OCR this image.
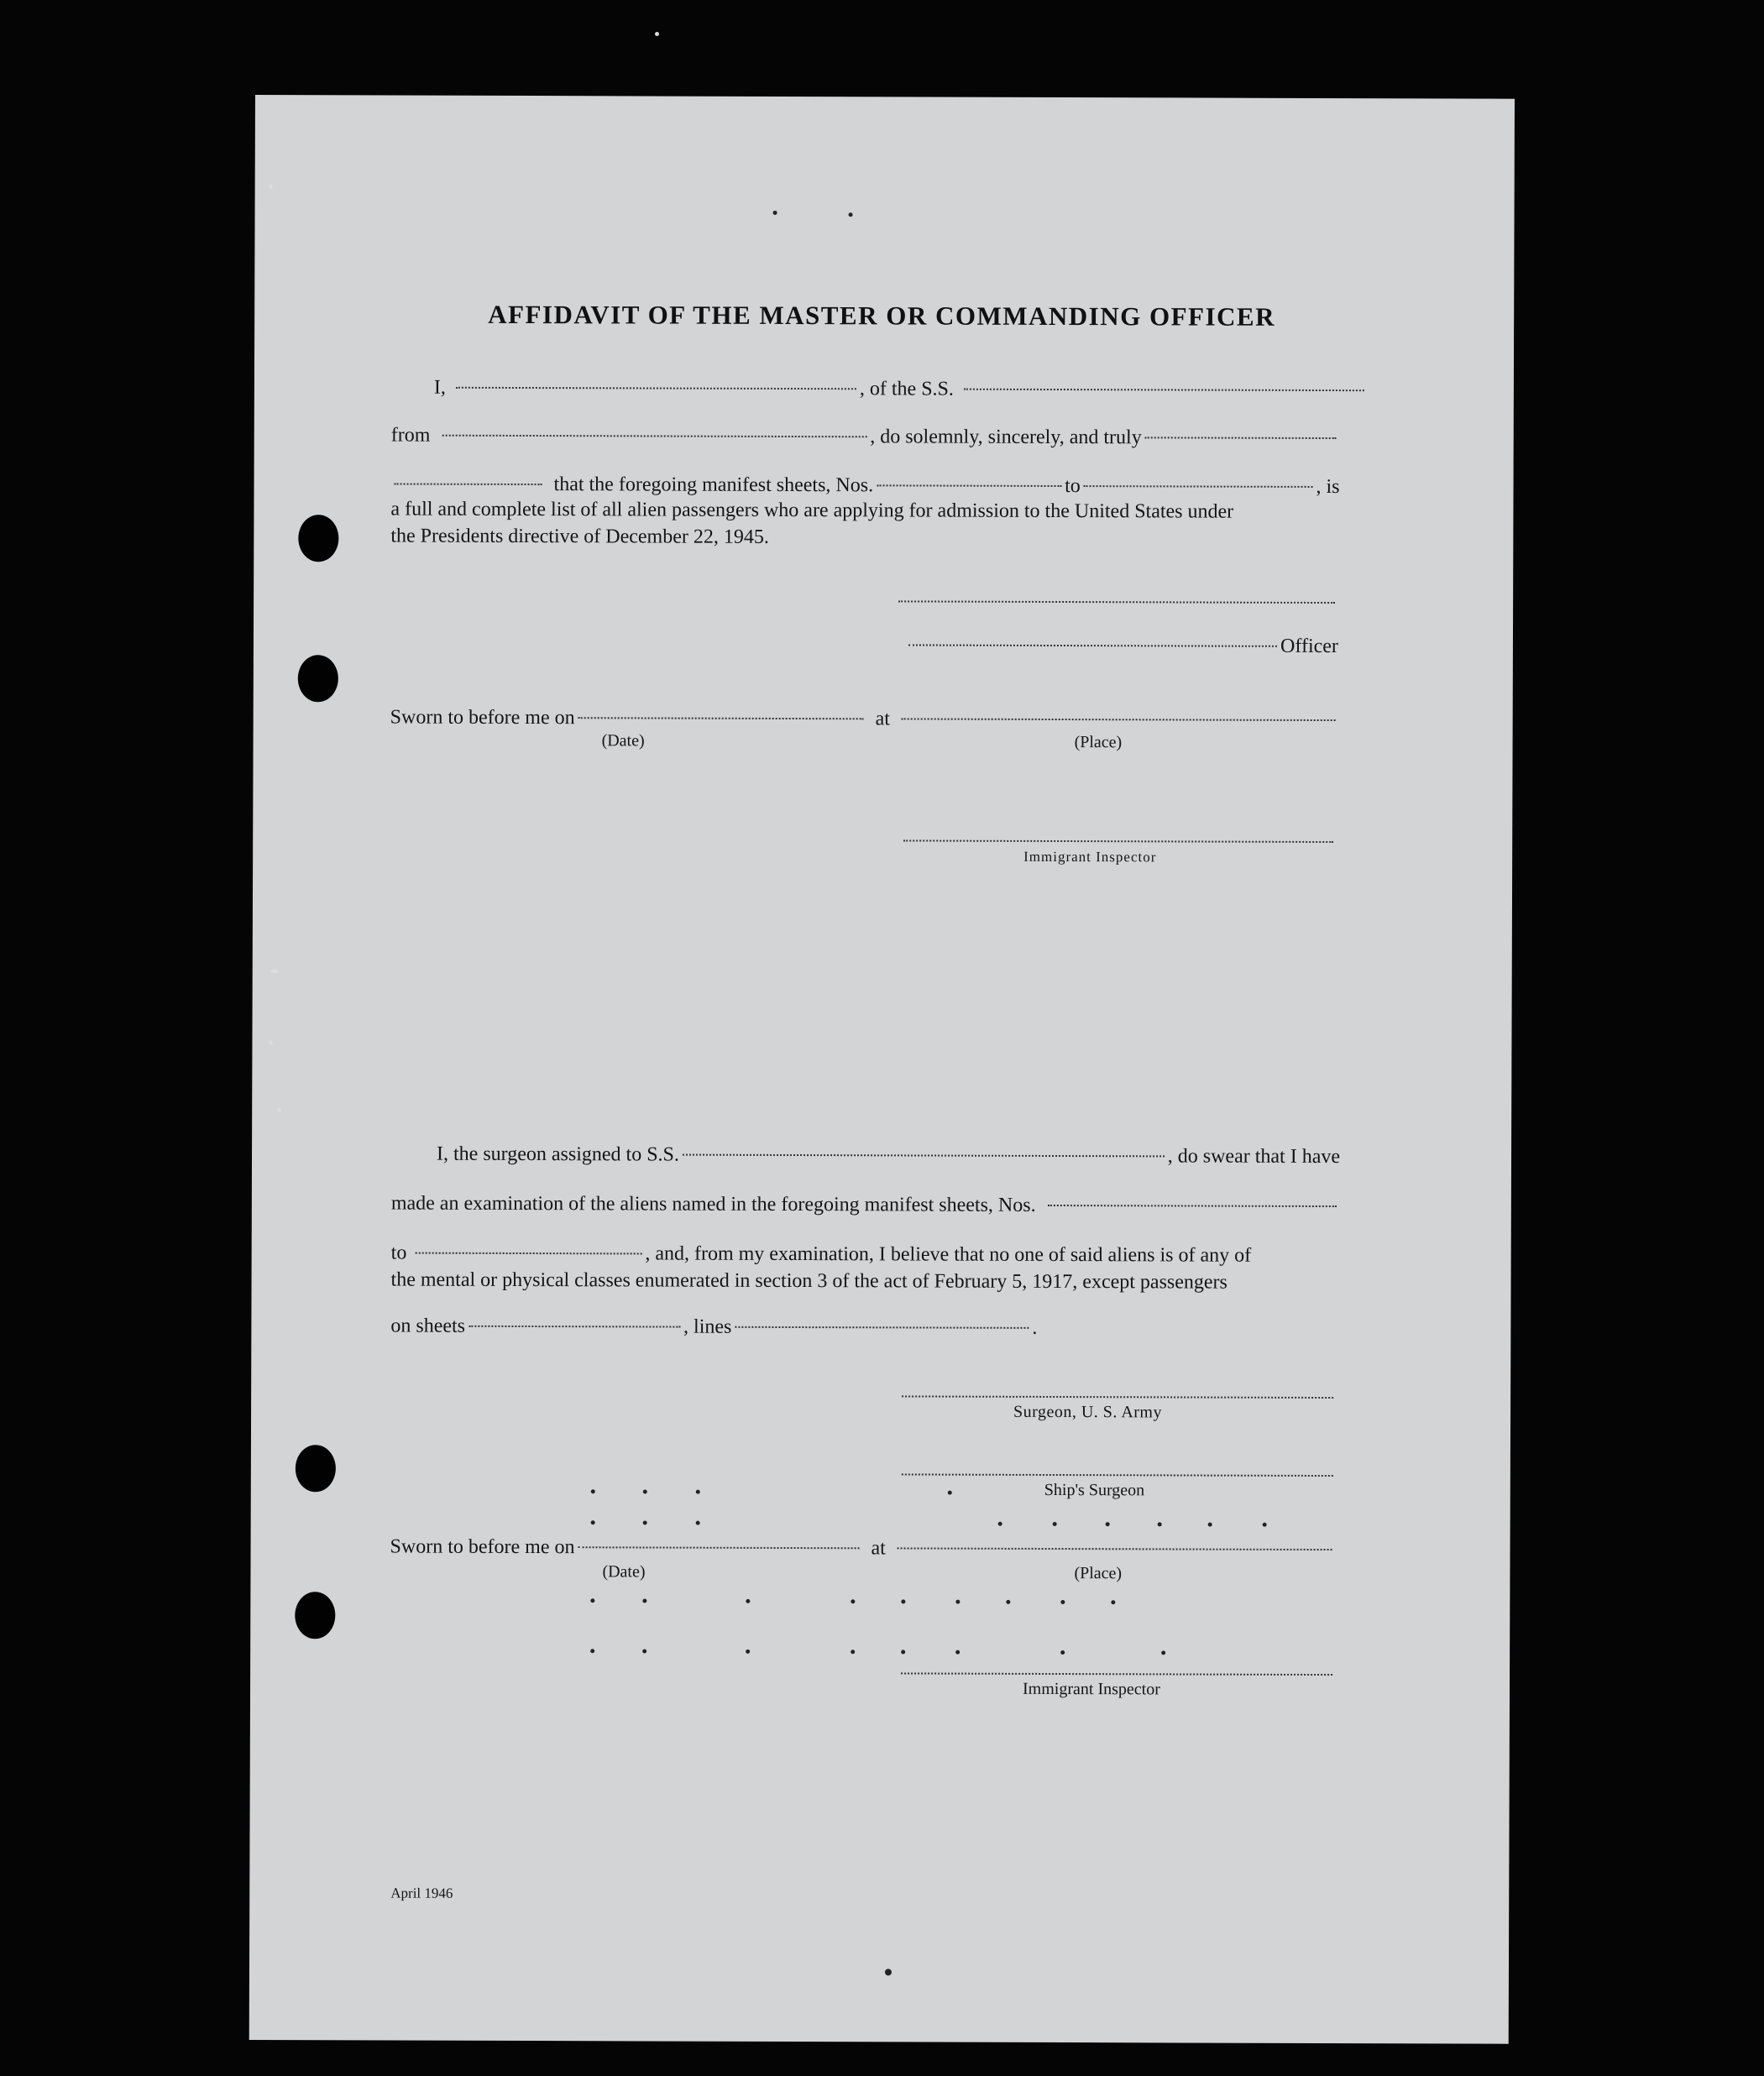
AFFIDAVIT OF THE MASTER OR COMMANDING OFFICER
I,	, of the S.S.
from	, do solemnly, sincerely, and truly
that the foregoing manifest sheets, Nos.	to	, is
a full and complete list of all alien passengers who are applying for admission to the United States under
the Presidents directive of December 22, 1945.
Officer
Sworn to before me on	at
(Date)	(Place)
Immigrant Inspector
I, the surgeon assigned to S.S.	, do swear that I have
made an examination of the aliens named in the foregoing manifest sheets, Nos.
to	, and, from my examination, I believe that no one of said aliens is of any of
the mental or physical classes enumerated in section 3 of the act of February 5, 1917, except passengers
on sheets	, lines	.
Surgeon, U. S. Army
Ship's Surgeon
Sworn to before me on	at
(Date)	(Place)
Immigrant Inspector
April 1946
